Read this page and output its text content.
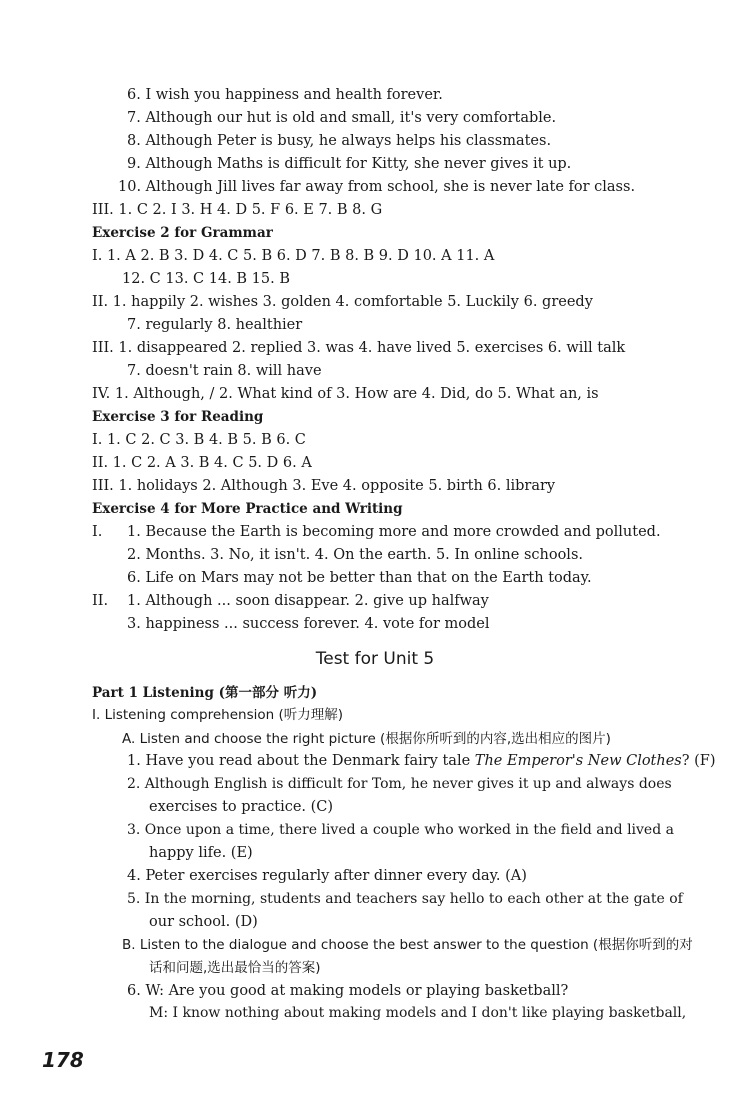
6. I wish you happiness and health forever.
7. Although our hut is old and small, it's very comfortable.
8. Although Peter is busy, he always helps his classmates.
9. Although Maths is difficult for Kitty, she never gives it up.
10. Although Jill lives far away from school, she is never late for class.
III. 1. C 2. I 3. H 4. D 5. F 6. E 7. B 8. G
Exercise 2 for Grammar
I. 1. A 2. B 3. D 4. C 5. B 6. D 7. B 8. B 9. D 10. A 11. A
12. C 13. C 14. B 15. B
II. 1. happily 2. wishes 3. golden 4. comfortable 5. Luckily 6. greedy
7. regularly 8. healthier
III. 1. disappeared 2. replied 3. was 4. have lived 5. exercises 6. will talk
7. doesn't rain 8. will have
IV. 1. Although, / 2. What kind of 3. How are 4. Did, do 5. What an, is
Exercise 3 for Reading
I. 1. C 2. C 3. B 4. B 5. B 6. C
II. 1. C 2. A 3. B 4. C 5. D 6. A
III. 1. holidays 2. Although 3. Eve 4. opposite 5. birth 6. library
Exercise 4 for More Practice and Writing
I. 1. Because the Earth is becoming more and more crowded and polluted.
2. Months. 3. No, it isn't. 4. On the earth. 5. In online schools.
6. Life on Mars may not be better than that on the Earth today.
II. 1. Although ... soon disappear. 2. give up halfway
3. happiness ... success forever. 4. vote for model
Test for Unit 5
Part 1 Listening (第一部分 听力)
I. Listening comprehension (听力理解)
A. Listen and choose the right picture (根据你所听到的内容,选出相应的图片)
1. Have you read about the Denmark fairy tale The Emperor's New Clothes? (F)
2. Although English is difficult for Tom, he never gives it up and always does
exercises to practice. (C)
3. Once upon a time, there lived a couple who worked in the field and lived a
happy life. (E)
4. Peter exercises regularly after dinner every day. (A)
5. In the morning, students and teachers say hello to each other at the gate of
our school. (D)
B. Listen to the dialogue and choose the best answer to the question (根据你听到的对
话和问题,选出最恰当的答案)
6. W: Are you good at making models or playing basketball?
M: I know nothing about making models and I don't like playing basketball,
178
